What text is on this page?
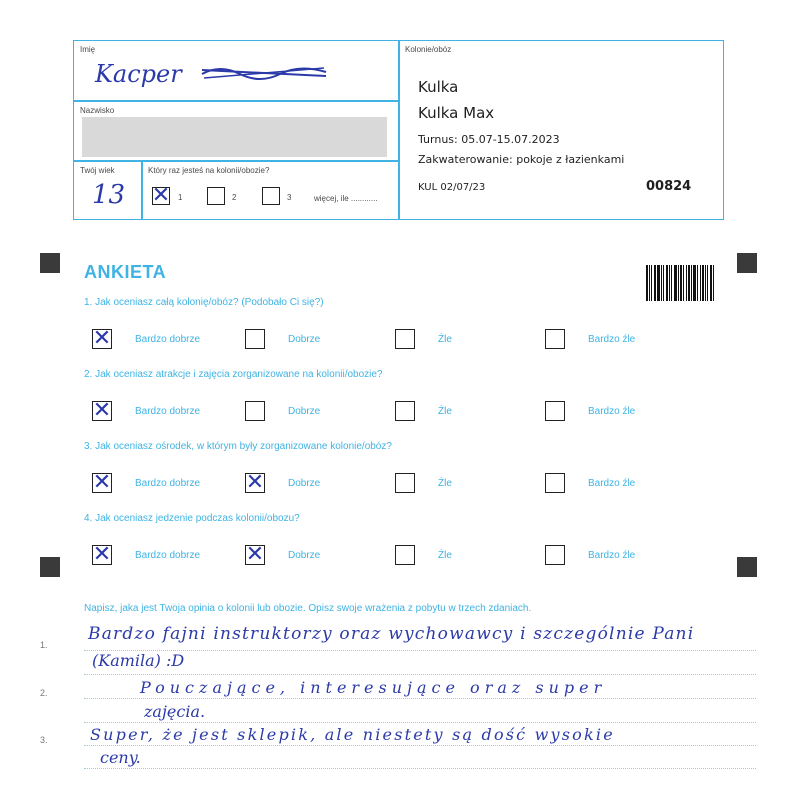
Imię
Kacper
Nazwisko
Twój wiek
13
Który raz jesteś na kolonii/obozie?
✕ 1	2	3	więcej, ile ............
Kolonie/obóz
Kulka
Kulka Max
Turnus: 05.07-15.07.2023
Zakwaterowanie: pokoje z łazienkami
KUL 02/07/23	00824
ANKIETA
1. Jak oceniasz całą kolonię/obóz? (Podobało Ci się?)
✕ Bardzo dobrze	Dobrze	Źle	Bardzo źle
2. Jak oceniasz atrakcje i zajęcia zorganizowane na kolonii/obozie?
✕ Bardzo dobrze	Dobrze	Źle	Bardzo źle
3. Jak oceniasz ośrodek, w którym były zorganizowane kolonie/obóz?
✕ Bardzo dobrze ✕ Dobrze	Źle	Bardzo źle
4. Jak oceniasz jedzenie podczas kolonii/obozu?
✕ Bardzo dobrze ✕ Dobrze	Źle	Bardzo źle
Napisz, jaka jest Twoja opinia o kolonii lub obozie. Opisz swoje wrażenia z pobytu w trzech zdaniach.
1.
2.
3.
Bardzo fajni instruktorzy oraz wychowawcy i szczególnie Pani
(Kamila) :D
Pouczające, interesujące oraz super
zajęcia.
Super, że jest sklepik, ale niestety są dość wysokie
ceny.
